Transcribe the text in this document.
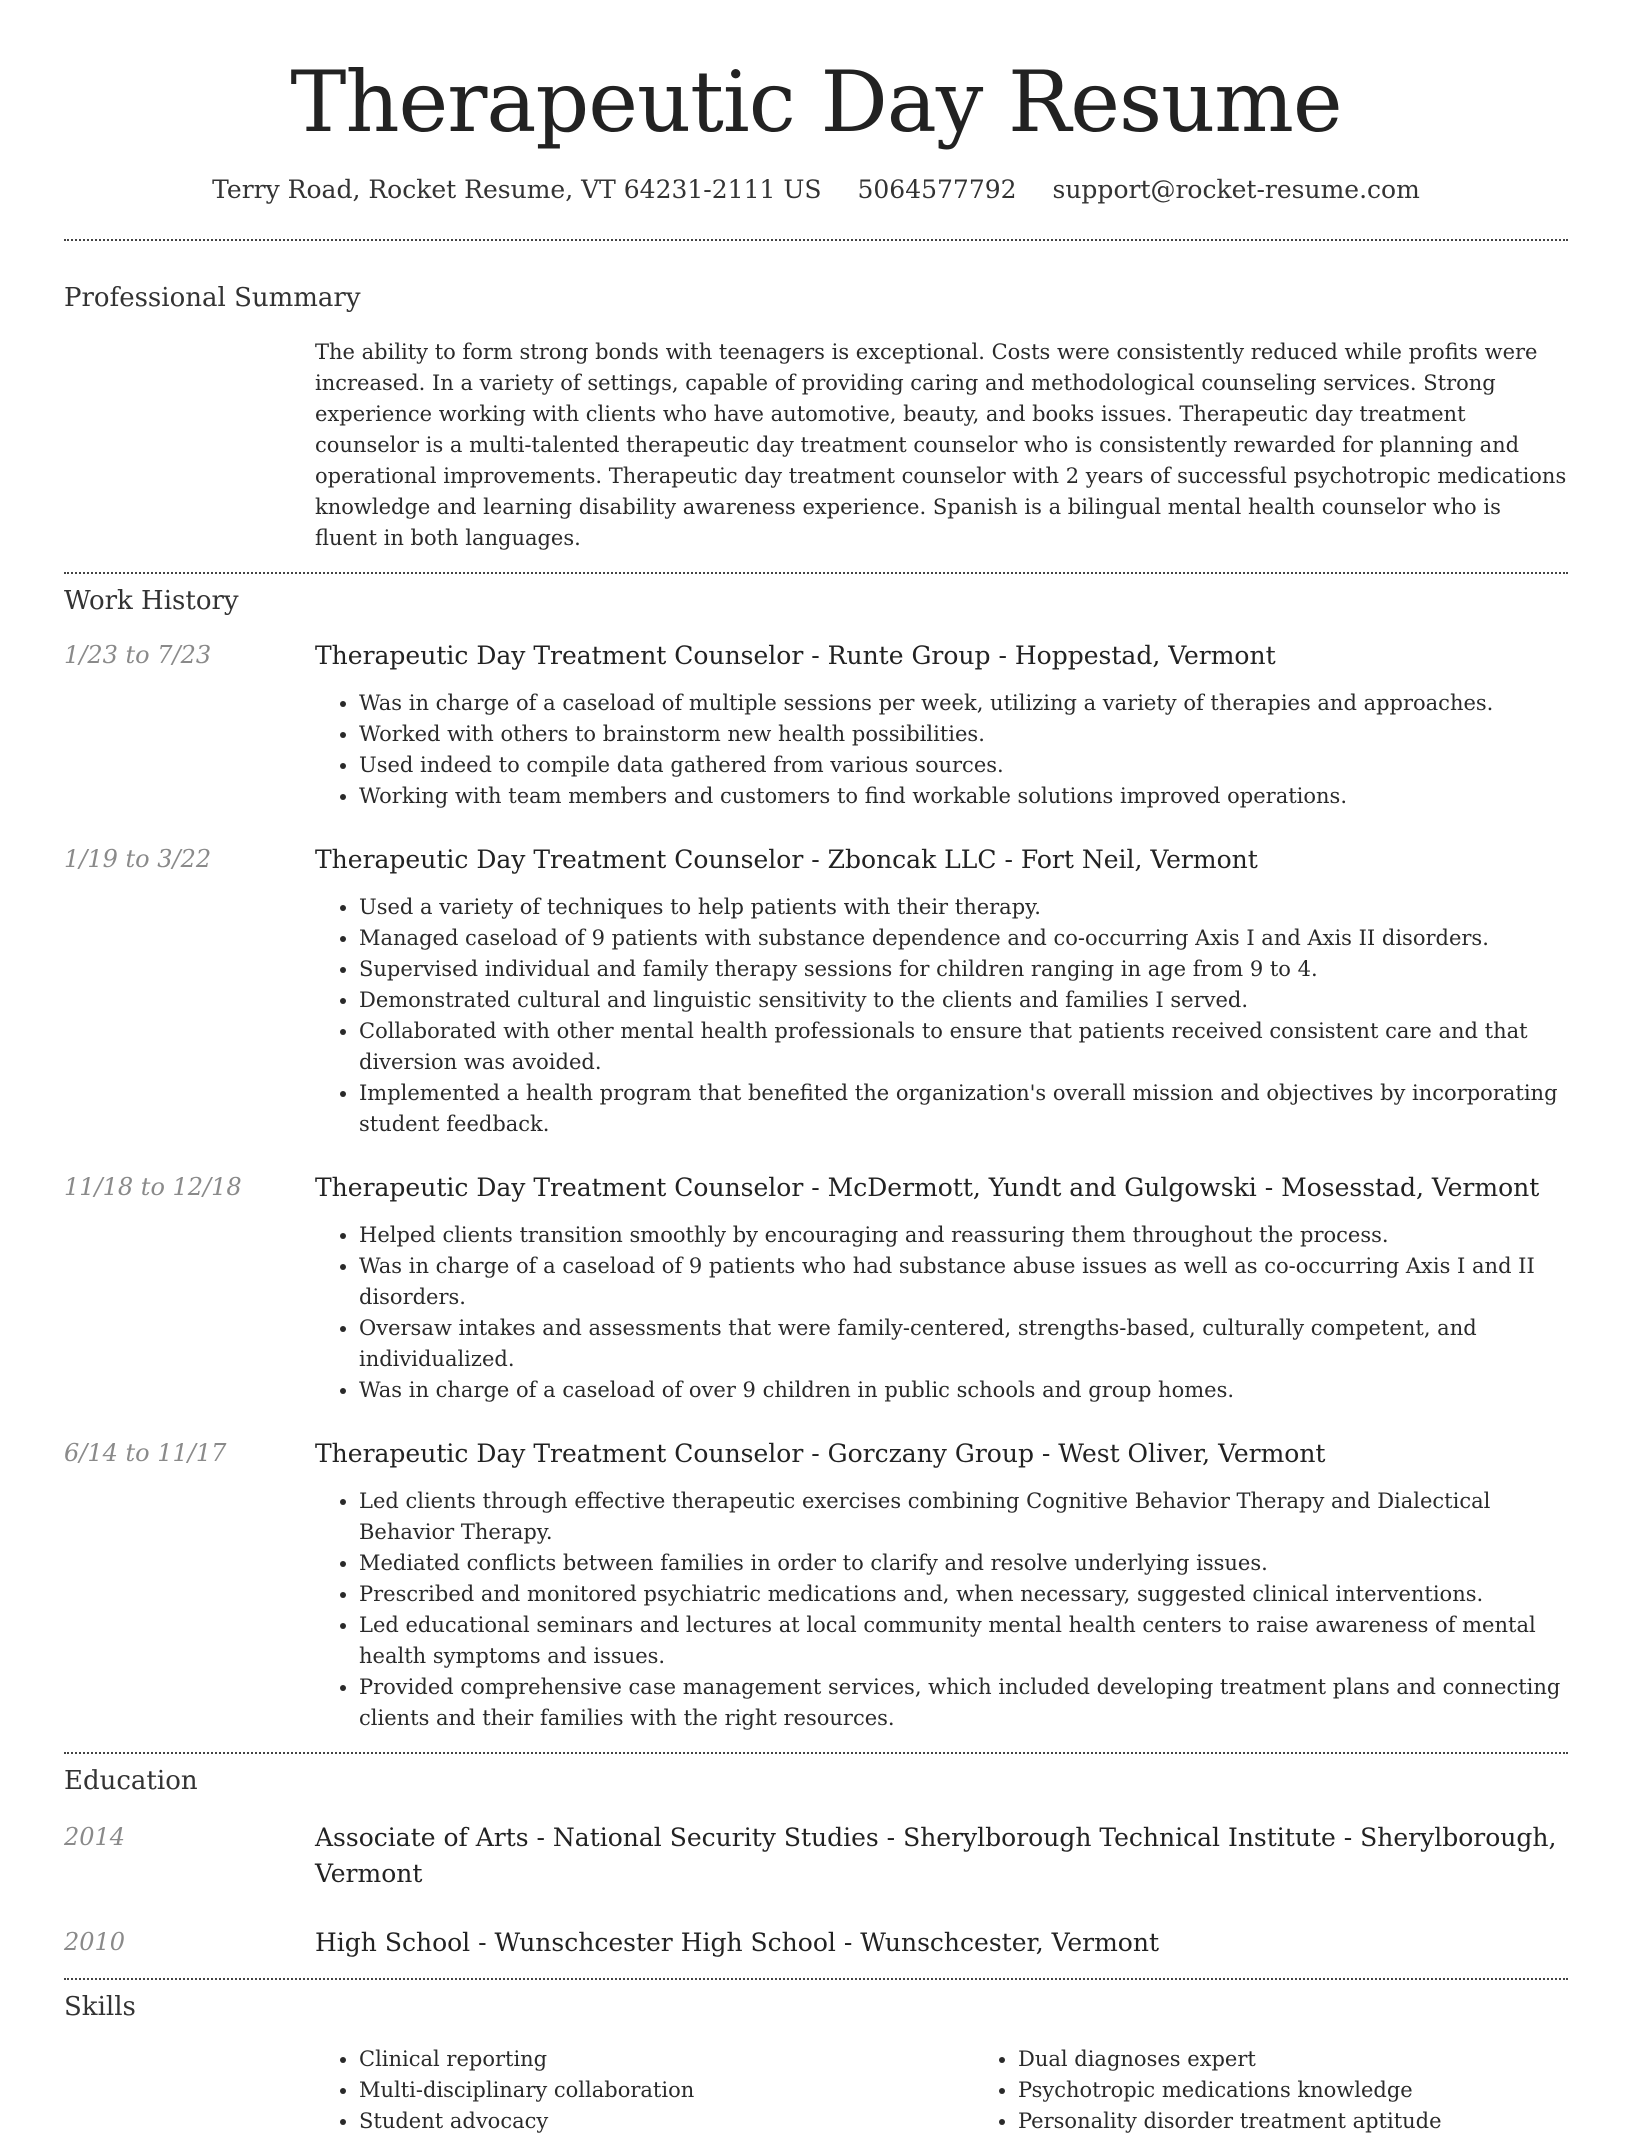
Therapeutic Day Resume
Terry Road, Rocket Resume, VT 64231-2111 US 5064577792 support@rocket-resume.com
Professional Summary
The ability to form strong bonds with teenagers is exceptional. Costs were consistently reduced while profits were increased. In a variety of settings, capable of providing caring and methodological counseling services. Strong experience working with clients who have automotive, beauty, and books issues. Therapeutic day treatment counselor is a multi-talented therapeutic day treatment counselor who is consistently rewarded for planning and operational improvements. Therapeutic day treatment counselor with 2 years of successful psychotropic medications knowledge and learning disability awareness experience. Spanish is a bilingual mental health counselor who is fluent in both languages.
Work History
1/23 to 7/23	Therapeutic Day Treatment Counselor - Runte Group - Hoppestad, Vermont
• Was in charge of a caseload of multiple sessions per week, utilizing a variety of therapies and approaches.
• Worked with others to brainstorm new health possibilities.
• Used indeed to compile data gathered from various sources.
• Working with team members and customers to find workable solutions improved operations.
1/19 to 3/22	Therapeutic Day Treatment Counselor - Zboncak LLC - Fort Neil, Vermont
• Used a variety of techniques to help patients with their therapy.
• Managed caseload of 9 patients with substance dependence and co-occurring Axis I and Axis II disorders.
• Supervised individual and family therapy sessions for children ranging in age from 9 to 4.
• Demonstrated cultural and linguistic sensitivity to the clients and families I served.
• Collaborated with other mental health professionals to ensure that patients received consistent care and that diversion was avoided.
• Implemented a health program that benefited the organization's overall mission and objectives by incorporating student feedback.
11/18 to 12/18	Therapeutic Day Treatment Counselor - McDermott, Yundt and Gulgowski - Mosesstad, Vermont
• Helped clients transition smoothly by encouraging and reassuring them throughout the process.
• Was in charge of a caseload of 9 patients who had substance abuse issues as well as co-occurring Axis I and II disorders.
• Oversaw intakes and assessments that were family-centered, strengths-based, culturally competent, and individualized.
• Was in charge of a caseload of over 9 children in public schools and group homes.
6/14 to 11/17	Therapeutic Day Treatment Counselor - Gorczany Group - West Oliver, Vermont
• Led clients through effective therapeutic exercises combining Cognitive Behavior Therapy and Dialectical Behavior Therapy.
• Mediated conflicts between families in order to clarify and resolve underlying issues.
• Prescribed and monitored psychiatric medications and, when necessary, suggested clinical interventions.
• Led educational seminars and lectures at local community mental health centers to raise awareness of mental health symptoms and issues.
• Provided comprehensive case management services, which included developing treatment plans and connecting clients and their families with the right resources.
Education
2014	Associate of Arts - National Security Studies - Sherylborough Technical Institute - Sherylborough, Vermont
2010	High School - Wunschcester High School - Wunschcester, Vermont
Skills
• Clinical reporting
• Multi-disciplinary collaboration
• Student advocacy
• Dual diagnoses expert
• Psychotropic medications knowledge
• Personality disorder treatment aptitude
